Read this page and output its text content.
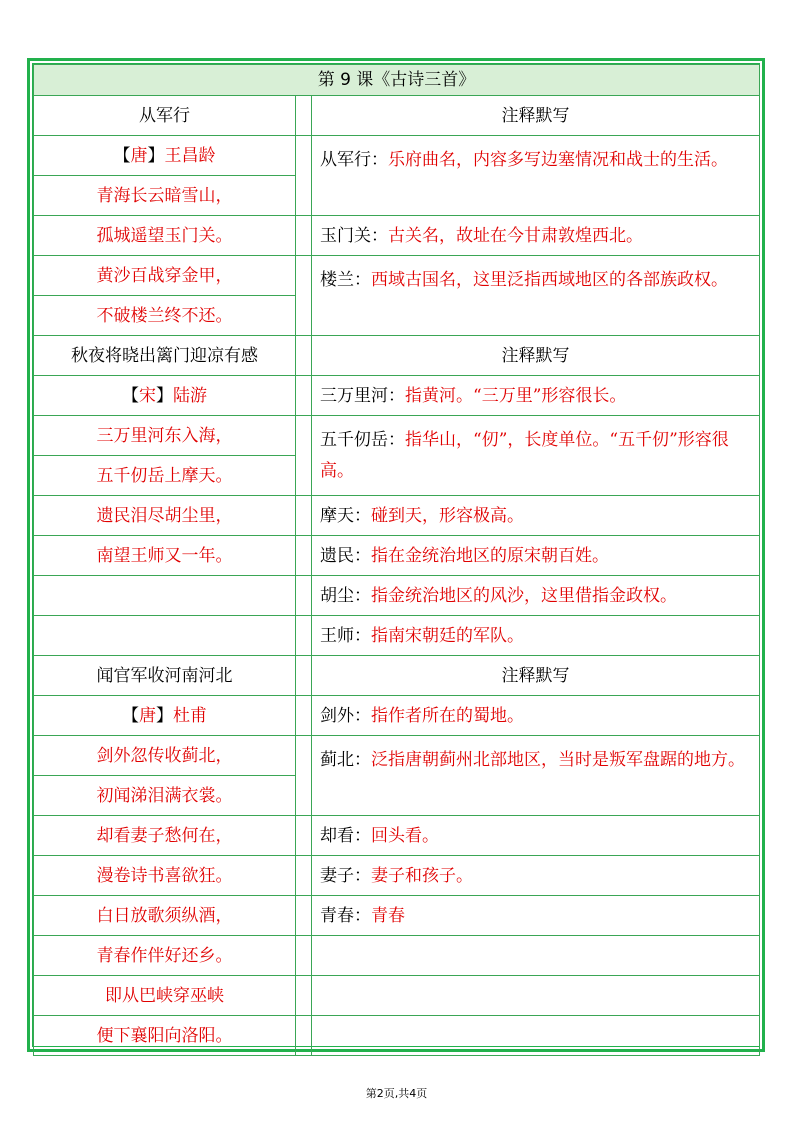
第 9 课《古诗三首》		
从军行		注释默写
【唐】王昌龄		从军行：乐府曲名，内容多写边塞情况和战士的生活。
青海长云暗雪山，		
孤城遥望玉门关。		玉门关：古关名，故址在今甘肃敦煌西北。
黄沙百战穿金甲，		楼兰：西域古国名，这里泛指西域地区的各部族政权。
不破楼兰终不还。		
秋夜将晓出篱门迎凉有感		注释默写
【宋】陆游		三万里河：指黄河。“三万里”形容很长。
三万里河东入海，		五千仞岳：指华山，“仞”，长度单位。“五千仞”形容很高。
五千仞岳上摩天。		
遗民泪尽胡尘里，		摩天：碰到天，形容极高。
南望王师又一年。		遗民：指在金统治地区的原宋朝百姓。
		胡尘：指金统治地区的风沙，这里借指金政权。
		王师：指南宋朝廷的军队。
闻官军收河南河北		注释默写
【唐】杜甫		剑外：指作者所在的蜀地。
剑外忽传收蓟北，		蓟北：泛指唐朝蓟州北部地区，当时是叛军盘踞的地方。
初闻涕泪满衣裳。		
却看妻子愁何在，		却看：回头看。
漫卷诗书喜欲狂。		妻子：妻子和孩子。
白日放歌须纵酒，		青春：青春
青春作伴好还乡。		
即从巴峡穿巫峡		
便下襄阳向洛阳。		
第2页,共4页
